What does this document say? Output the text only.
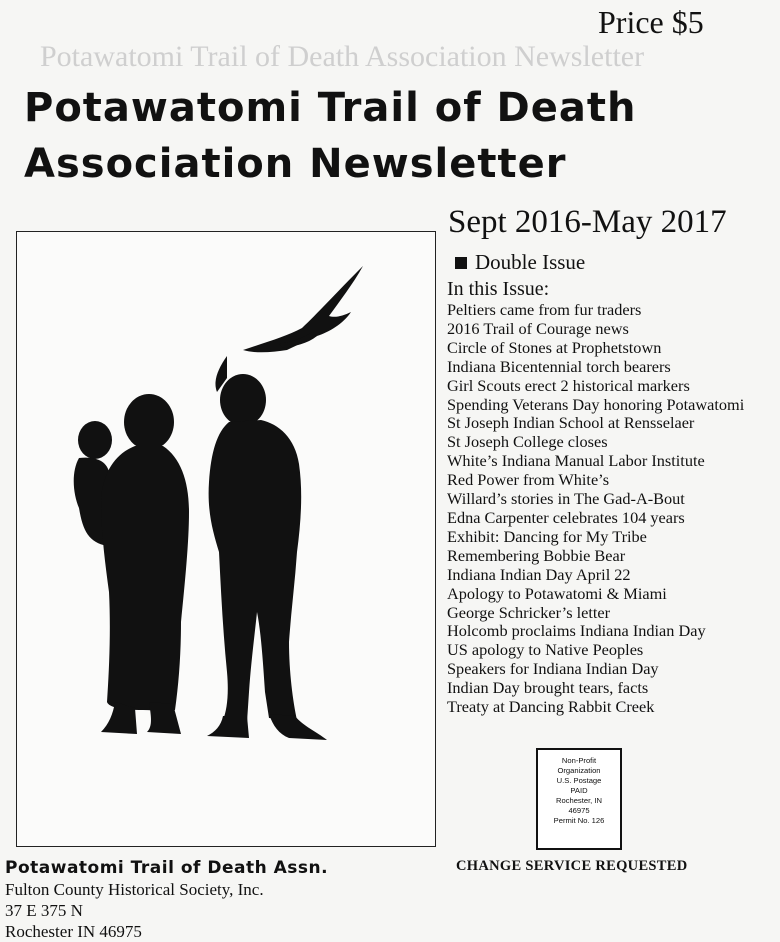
Potawatomi Trail of Death Association Newsletter
Price $5
Potawatomi Trail of Death
Association Newsletter
Sept 2016-May 2017
Double Issue
In this Issue:
Peltiers came from fur traders
2016 Trail of Courage news
Circle of Stones at Prophetstown
Indiana Bicentennial torch bearers
Girl Scouts erect 2 historical markers
Spending Veterans Day honoring Potawatomi
St Joseph Indian School at Rensselaer
St Joseph College closes
White’s Indiana Manual Labor Institute
Red Power from White’s
Willard’s stories in The Gad-A-Bout
Edna Carpenter celebrates 104 years
Exhibit: Dancing for My Tribe
Remembering Bobbie Bear
Indiana Indian Day April 22
Apology to Potawatomi & Miami
George Schricker’s letter
Holcomb proclaims Indiana Indian Day
US apology to Native Peoples
Speakers for Indiana Indian Day
Indian Day brought tears, facts
Treaty at Dancing Rabbit Creek
Non-Profit
Organization
U.S. Postage
PAID
Rochester, IN
46975
Permit No. 126
CHANGE SERVICE REQUESTED
Potawatomi Trail of Death Assn.
Fulton County Historical Society, Inc.
37 E 375 N
Rochester IN 46975
